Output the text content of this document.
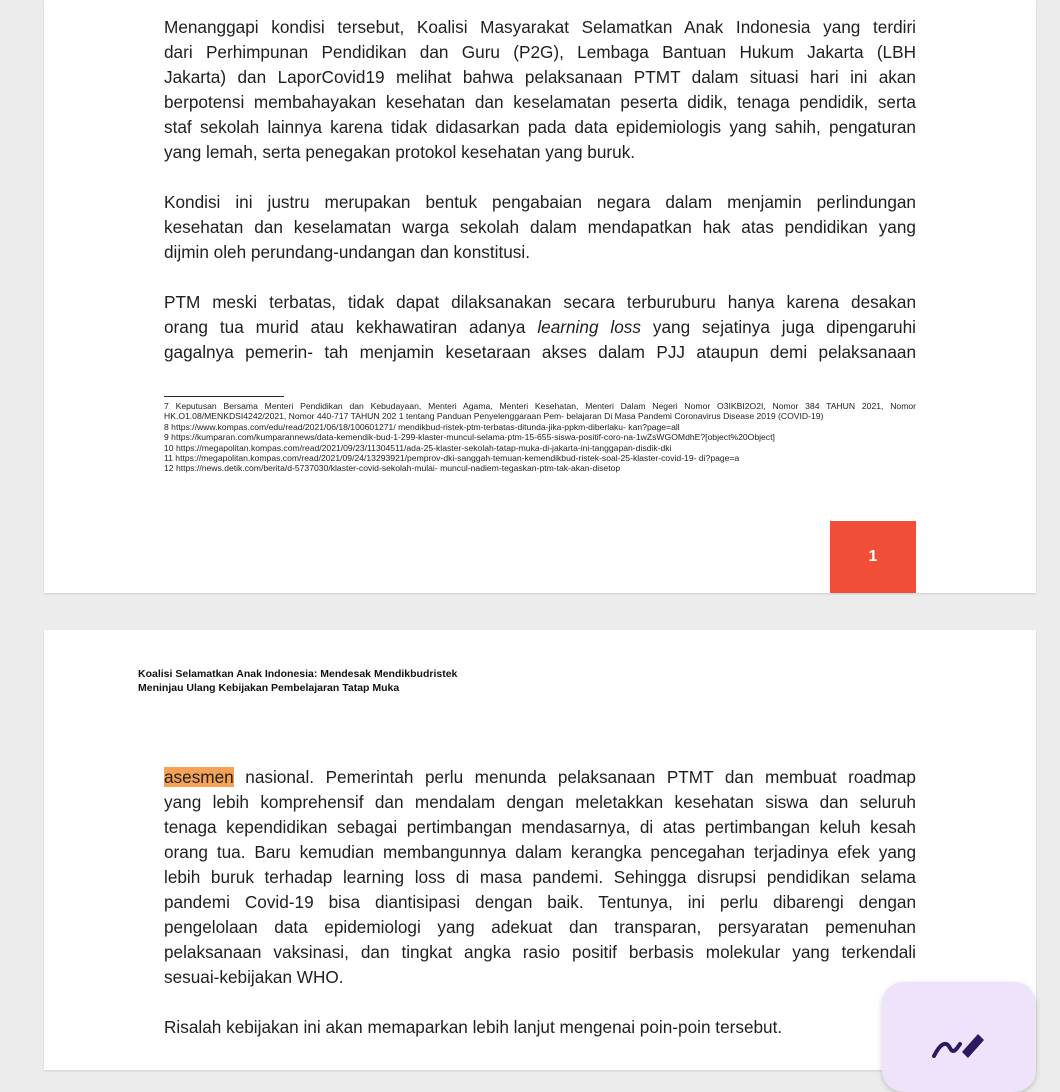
Menanggapi kondisi tersebut, Koalisi Masyarakat Selamatkan Anak Indonesia yang terdiri
dari Perhimpunan Pendidikan dan Guru (P2G), Lembaga Bantuan Hukum Jakarta (LBH
Jakarta) dan LaporCovid19 melihat bahwa pelaksanaan PTMT dalam situasi hari ini akan
berpotensi membahayakan kesehatan dan keselamatan peserta didik, tenaga pendidik, serta
staf sekolah lainnya karena tidak didasarkan pada data epidemiologis yang sahih, pengaturan
yang lemah, serta penegakan protokol kesehatan yang buruk.
Kondisi ini justru merupakan bentuk pengabaian negara dalam menjamin perlindungan
kesehatan dan keselamatan warga sekolah dalam mendapatkan hak atas pendidikan yang
dijmin oleh perundang-undangan dan konstitusi.
PTM meski terbatas, tidak dapat dilaksanakan secara terburuburu hanya karena desakan
orang tua murid atau kekhawatiran adanya learning loss yang sejatinya juga dipengaruhi
gagalnya pemerin- tah menjamin kesetaraan akses dalam PJJ ataupun demi pelaksanaan
7 Keputusan Bersama Menteri Pendidikan dan Kebudayaan, Menteri Agama, Menteri Kesehatan, Menteri Dalam Negeri Nomor O3IKBI2O2I, Nomor 384 TAHUN 2021, Nomor HK.O1.08/MENKDSI4242/2021, Nomor 440-717 TAHUN 202 1 tentang Panduan Penyelenggaraan Pem- belajaran Di Masa Pandemi Coronavirus Disease 2019 (COVID-19)
8 https://www.kompas.com/edu/read/2021/06/18/100601271/ mendikbud-ristek-ptm-terbatas-ditunda-jika-ppkm-diberlaku- kan?page=all
9 https://kumparan.com/kumparannews/data-kemendik-bud-1-299-klaster-muncul-selama-ptm-15-655-siswa-positif-coro-na-1wZsWGOMdhE?[object%20Object]
10 https://megapolitan.kompas.com/read/2021/09/23/11304511/ada-25-klaster-sekolah-tatap-muka-di-jakarta-ini-tanggapan-disdik-dki
11 https://megapolitan.kompas.com/read/2021/09/24/13293921/pemprov-dki-sanggah-temuan-kemendikbud-ristek-soal-25-klaster-covid-19- di?page=a
12 https://news.detik.com/berita/d-5737030/klaster-covid-sekolah-mulai- muncul-nadiem-tegaskan-ptm-tak-akan-disetop
1
Koalisi Selamatkan Anak Indonesia: Mendesak Mendikbudristek
Meninjau Ulang Kebijakan Pembelajaran Tatap Muka
asesmen nasional. Pemerintah perlu menunda pelaksanaan PTMT dan membuat roadmap
yang lebih komprehensif dan mendalam dengan meletakkan kesehatan siswa dan seluruh
tenaga kependidikan sebagai pertimbangan mendasarnya, di atas pertimbangan keluh kesah
orang tua. Baru kemudian membangunnya dalam kerangka pencegahan terjadinya efek yang
lebih buruk terhadap learning loss di masa pandemi. Sehingga disrupsi pendidikan selama
pandemi Covid-19 bisa diantisipasi dengan baik. Tentunya, ini perlu dibarengi dengan
pengelolaan data epidemiologi yang adekuat dan transparan, persyaratan pemenuhan
pelaksanaan vaksinasi, dan tingkat angka rasio positif berbasis molekular yang terkendali
sesuai-kebijakan WHO.
Risalah kebijakan ini akan memaparkan lebih lanjut mengenai poin-poin tersebut.
